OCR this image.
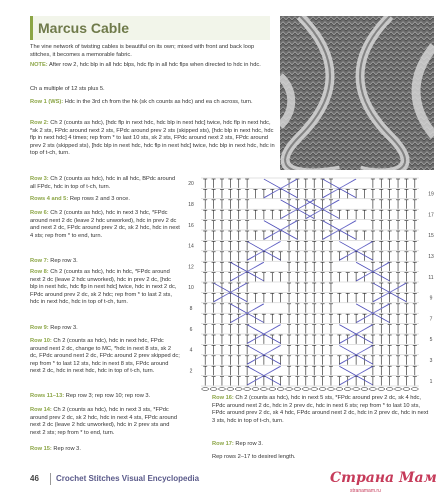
Marcus Cable
The vine network of twisting cables is beautiful on its own; mixed with front and back loop stitches, it becomes a memorable fabric.
NOTE: After row 2, hdc blp in all hdc blps, hdc flp in all hdc flps when directed to hdc in hdc.
Ch a multiple of 12 sts plus 5.
Row 1 (WS): Hdc in the 3rd ch from the hk (sk ch counts as hdc) and ea ch across, turn.
Row 2: Ch 2 (counts as hdc), [hdc flp in next hdc, hdc blp in next hdc] twice, hdc flp in next hdc, *sk 2 sts, FPdc around next 2 sts, FPdc around prev 2 sts (skipped sts), [hdc blp in next hdc, hdc flp in next hdc] 4 times; rep from * to last 10 sts, sk 2 sts, FPdc around next 2 sts, FPdc around prev 2 sts (skipped sts), [hdc blp in next hdc, hdc flp in next hdc] twice, hdc blp in next hdc, hdc in top of t-ch, turn.
Row 3: Ch 2 (counts as hdc), hdc in all hdc, BPdc around all FPdc, hdc in top of t-ch, turn.
Rows 4 and 5: Rep rows 2 and 3 once.
Row 6: Ch 2 (counts as hdc), hdc in next 3 hdc, *FPdc around next 2 dc (leave 2 hdc unworked), hdc in prev 2 dc and next 2 dc, FPdc around prev 2 dc, sk 2 hdc, hdc in next 4 sts; rep from * to end, turn.
Row 7: Rep row 3.
Row 8: Ch 2 (counts as hdc), hdc in hdc, *FPdc around next 2 dc (leave 2 hdc unworked), hdc in prev 2 dc, [hdc blp in next hdc, hdc flp in next hdc] twice, hdc in next 2 dc, FPdc around prev 2 dc, sk 2 hdc; rep from * to last 2 sts, hdc in next hdc, hdc in top of t-ch, turn.
Row 9: Rep row 3.
Row 10: Ch 2 (counts as hdc), hdc in next hdc, FPdc around next 2 dc, change to MC, *hdc in next 8 sts, sk 2 dc, FPdc around next 2 dc, FPdc around 2 prev skipped dc; rep from * to last 12 sts, hdc in next 8 sts, FPdc around next 2 dc, hdc in next hdc, hdc in top of t-ch, turn.
Rows 11–13: Rep row 3; rep row 10; rep row 3.
Row 14: Ch 2 (counts as hdc), hdc in next 3 sts, *FPdc around prev 2 dc, sk 2 hdc, hdc in next 4 sts, FPdc around next 2 dc (leave 2 hdc unworked), hdc in 2 prev sts and next 2 sts; rep from * to end, turn.
Row 15: Rep row 3.
Row 16: Ch 2 (counts as hdc), hdc in next 5 sts, *FPdc around prev 2 dc, sk 4 hdc, FPdc around next 2 dc, hdc in 2 prev dc, hdc in next 6 sts; rep from * to last 10 sts, FPdc around prev 2 dc, sk 4 hdc, FPdc around next 2 dc, hdc in 2 prev dc, hdc in next 3 sts, hdc in top of t-ch, turn.
Row 17: Rep row 3.
Rep rows 2–17 to desired length.
20
18
16
14
12
10
8
6
4
2
19
17
15
13
11
9
7
5
3
1
46 Crochet Stitches Visual Encyclopedia	Страна Мам
stranamam.ru
